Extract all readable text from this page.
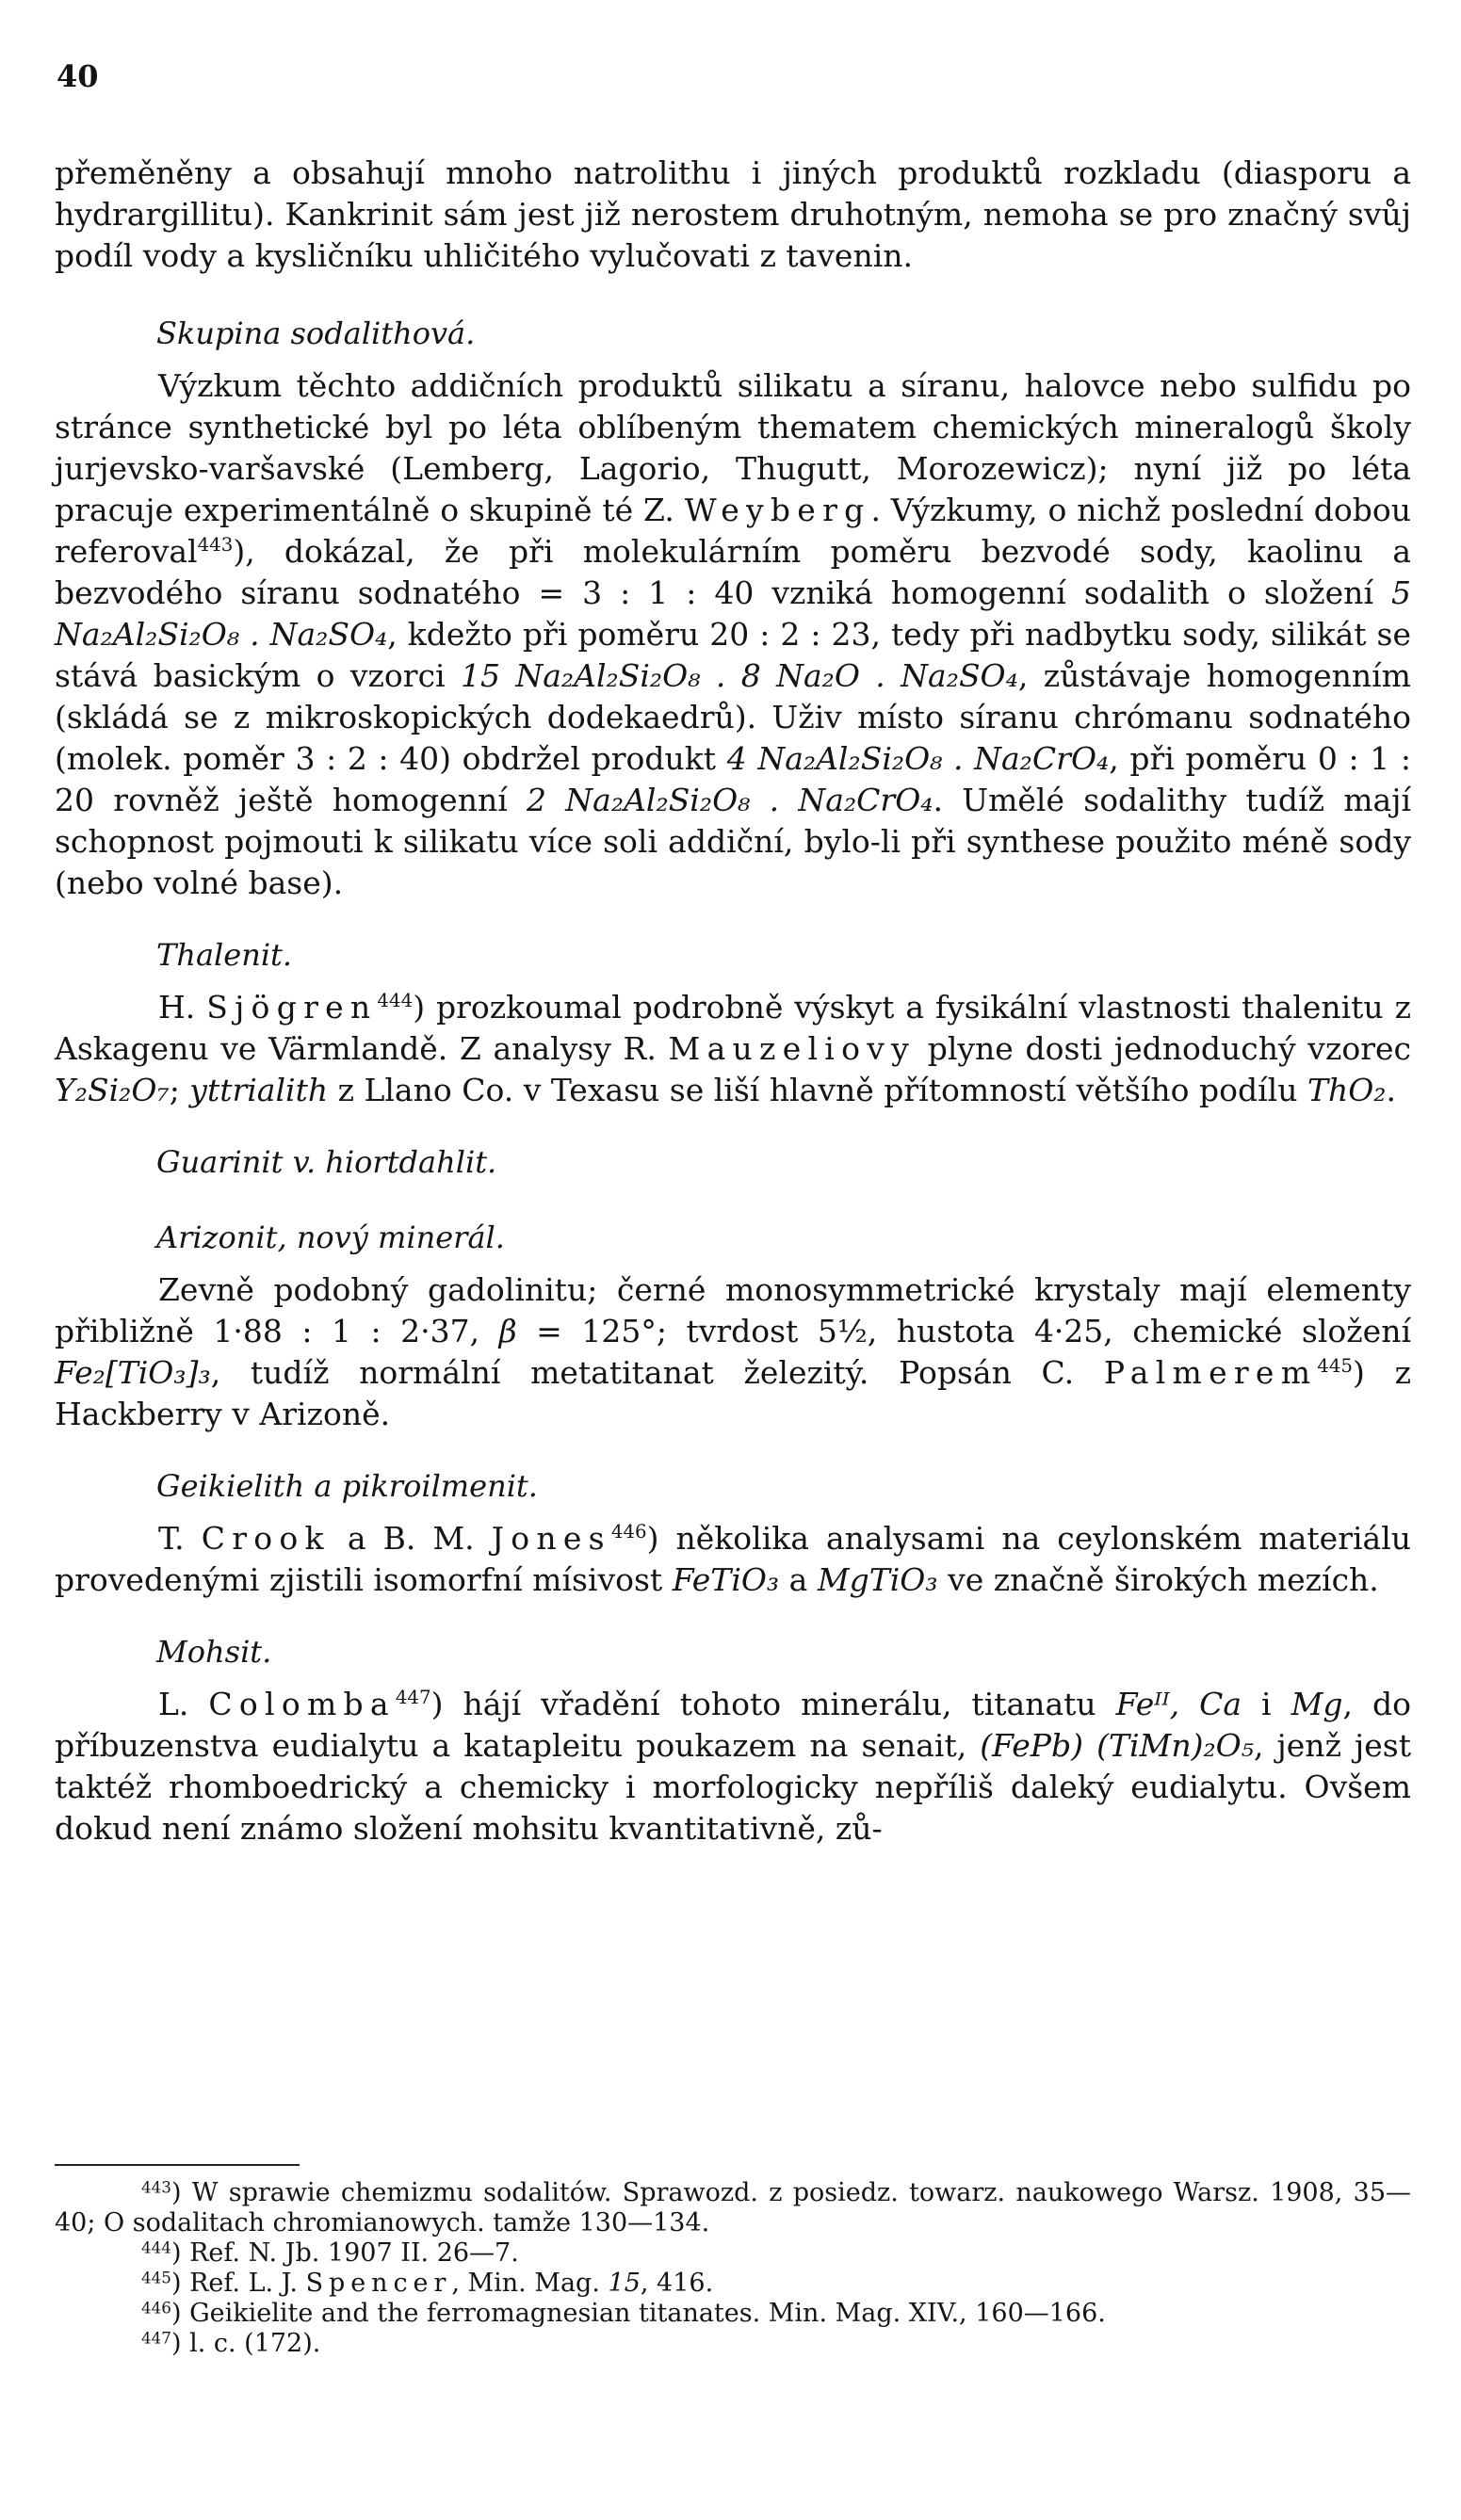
40

přeměněny a obsahují mnoho natrolithu i jiných produktů rozkladu (diasporu a hydrargillitu). Kankrinit sám jest již nerostem druhotným, nemoha se pro značný svůj podíl vody a kysličníku uhličitého vylučovati z tavenin.

Skupina sodalithová.

Výzkum těchto addičních produktů silikatu a síranu, halovce nebo sulfidu po stránce synthetické byl po léta oblíbeným thematem chemických mineralogů školy jurjevsko-varšavské (Lemberg, Lagorio, Thugutt, Morozewicz); nyní již po léta pracuje experimentálně o skupině té Z. Weyberg. Výzkumy, o nichž poslední dobou referoval$^{443}$), dokázal, že při molekulárním poměru bezvodé sody, kaolinu a bezvodého síranu sodnatého = 3 : 1 : 40 vzniká homogenní sodalith o složení 5 Na₂Al₂Si₂O₈ . Na₂SO₄, kdežto při poměru 20 : 2 : 23, tedy při nadbytku sody, silikát se stává basickým o vzorci 15 Na₂Al₂Si₂O₈ . 8 Na₂O . Na₂SO₄, zůstávaje homogenním (skládá se z mikroskopických dodekaedrů). Uživ místo síranu chrómanu sodnatého (molek. poměr 3 : 2 : 40) obdržel produkt 4 Na₂Al₂Si₂O₈ . Na₂CrO₄, při poměru 0 : 1 : 20 rovněž ještě homogenní 2 Na₂Al₂Si₂O₈ . Na₂CrO₄. Umělé sodalithy tudíž mají schopnost pojmouti k silikatu více soli addiční, bylo-li při synthese použito méně sody (nebo volné base).

Thalenit.

H. Sjögren$^{444}$) prozkoumal podrobně výskyt a fysikální vlastnosti thalenitu z Askagenu ve Värmlandě. Z analysy R. Mauzeliovy plyne dosti jednoduchý vzorec Y₂Si₂O₇; yttrialith z Llano Co. v Texasu se liší hlavně přítomností většího podílu ThO₂.

Guarinit v. hiortdahlit.

Arizonit, nový minerál.

Zevně podobný gadolinitu; černé monosymmetrické krystaly mají elementy přibližně 1·88 : 1 : 2·37, β = 125°; tvrdost 5½, hustota 4·25, chemické složení Fe₂[TiO₃]₃, tudíž normální metatitanat železitý. Popsán C. Palmerem$^{445}$) z Hackberry v Arizoně.

Geikielith a pikroilmenit.

T. Crook a B. M. Jones$^{446}$) několika analysami na ceylonském materiálu provedenými zjistili isomorfní mísivost FeTiO₃ a MgTiO₃ ve značně širokých mezích.

Mohsit.

L. Colomba$^{447}$) hájí vřadění tohoto minerálu, titanatu Feᴵᴵ, Ca i Mg, do příbuzenstva eudialytu a katapleitu poukazem na senait, (FePb) (TiMn)₂O₅, jenž jest taktéž rhomboedrický a chemicky i morfologicky nepříliš daleký eudialytu. Ovšem dokud není známo složení mohsitu kvantitativně, zů-

$^{443}$) W sprawie chemizmu sodalitów. Sprawozd. z posiedz. towarz. naukowego Warsz. 1908, 35—40; O sodalitach chromianowych. tamže 130—134.

$^{444}$) Ref. N. Jb. 1907 II. 26—7.

$^{445}$) Ref. L. J. Spencer, Min. Mag. 15, 416.

$^{446}$) Geikielite and the ferromagnesian titanates. Min. Mag. XIV., 160—166.

$^{447}$) l. c. (172).
